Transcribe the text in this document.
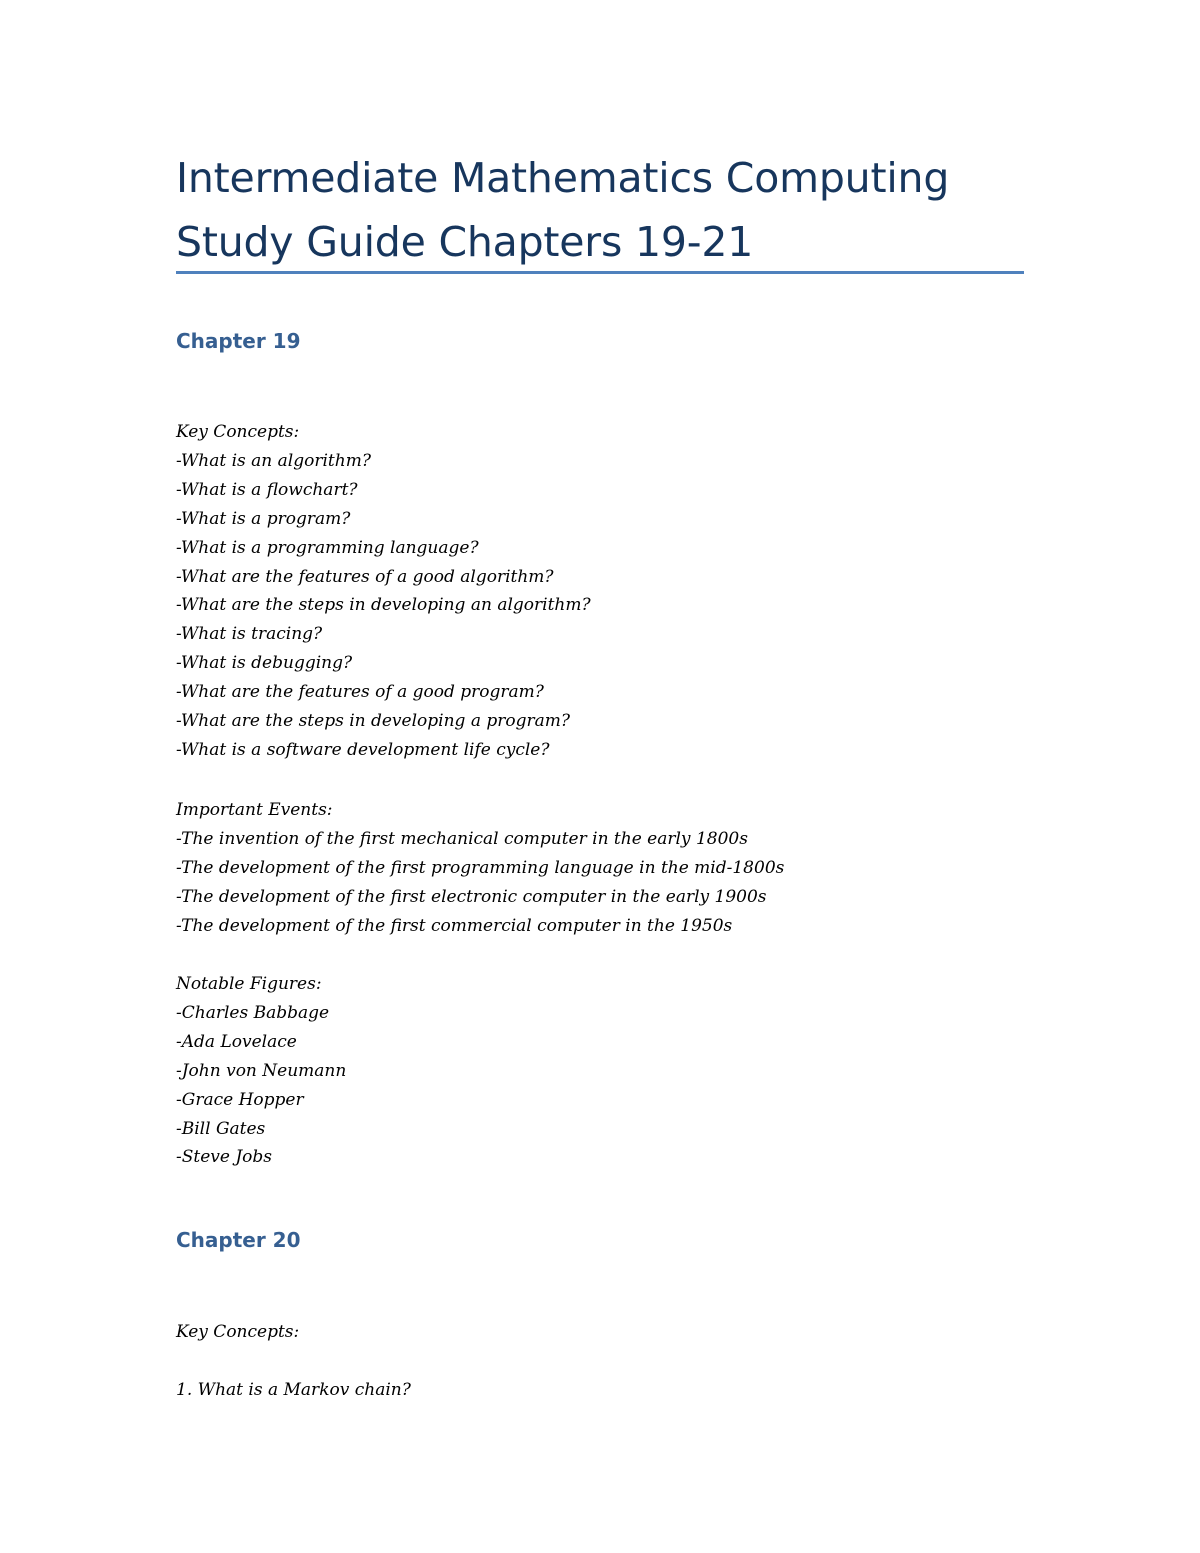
Intermediate Mathematics Computing
Study Guide Chapters 19-21
Chapter 19
Key Concepts:
-What is an algorithm?
-What is a flowchart?
-What is a program?
-What is a programming language?
-What are the features of a good algorithm?
-What are the steps in developing an algorithm?
-What is tracing?
-What is debugging?
-What are the features of a good program?
-What are the steps in developing a program?
-What is a software development life cycle?
Important Events:
-The invention of the first mechanical computer in the early 1800s
-The development of the first programming language in the mid-1800s
-The development of the first electronic computer in the early 1900s
-The development of the first commercial computer in the 1950s
Notable Figures:
-Charles Babbage
-Ada Lovelace
-John von Neumann
-Grace Hopper
-Bill Gates
-Steve Jobs
Chapter 20
Key Concepts:
1. What is a Markov chain?
